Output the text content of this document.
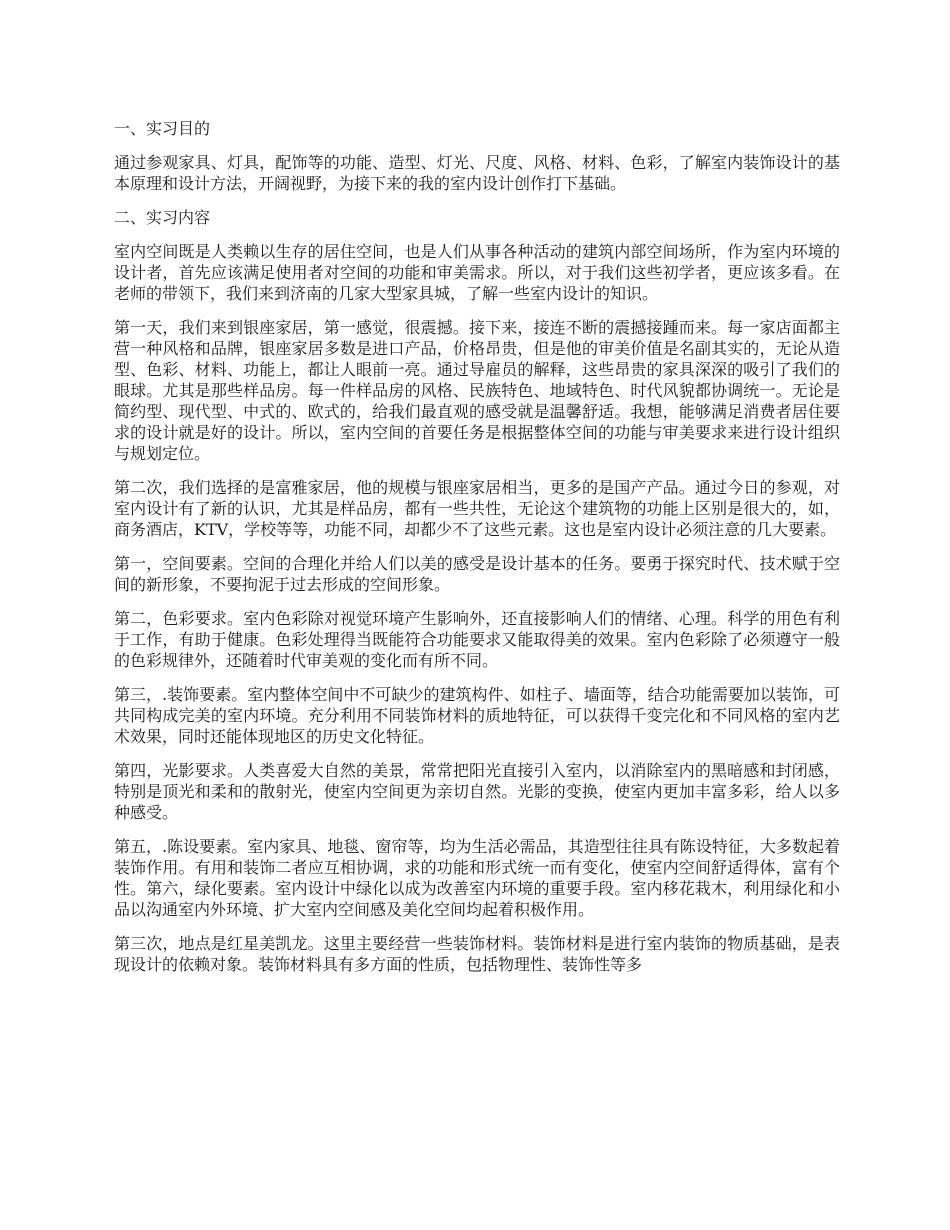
一、实习目的

通过参观家具、灯具，配饰等的功能、造型、灯光、尺度、风格、材料、色彩，了解室内装饰设计的基本原理和设计方法，开阔视野，为接下来的我的室内设计创作打下基础。

二、实习内容

室内空间既是人类赖以生存的居住空间，也是人们从事各种活动的建筑内部空间场所，作为室内环境的设计者，首先应该满足使用者对空间的功能和审美需求。所以，对于我们这些初学者，更应该多看。在老师的带领下，我们来到济南的几家大型家具城，了解一些室内设计的知识。

第一天，我们来到银座家居，第一感觉，很震撼。接下来，接连不断的震撼接踵而来。每一家店面都主营一种风格和品牌，银座家居多数是进口产品，价格昂贵，但是他的审美价值是名副其实的，无论从造型、色彩、材料、功能上，都让人眼前一亮。通过导雇员的解释，这些昂贵的家具深深的吸引了我们的眼球。尤其是那些样品房。每一件样品房的风格、民族特色、地域特色、时代风貌都协调统一。无论是简约型、现代型、中式的、欧式的，给我们最直观的感受就是温馨舒适。我想，能够满足消费者居住要求的设计就是好的设计。所以，室内空间的首要任务是根据整体空间的功能与审美要求来进行设计组织与规划定位。

第二次，我们选择的是富雅家居，他的规模与银座家居相当，更多的是国产产品。通过今日的参观，对室内设计有了新的认识，尤其是样品房，都有一些共性，无论这个建筑物的功能上区别是很大的，如，商务酒店，KTV，学校等等，功能不同，却都少不了这些元素。这也是室内设计必须注意的几大要素。

第一，空间要素。空间的合理化并给人们以美的感受是设计基本的任务。要勇于探究时代、技术赋于空间的新形象，不要拘泥于过去形成的空间形象。

第二，色彩要求。室内色彩除对视觉环境产生影响外，还直接影响人们的情绪、心理。科学的用色有利于工作，有助于健康。色彩处理得当既能符合功能要求又能取得美的效果。室内色彩除了必须遵守一般的色彩规律外，还随着时代审美观的变化而有所不同。

第三，.装饰要素。室内整体空间中不可缺少的建筑构件、如柱子、墙面等，结合功能需要加以装饰，可共同构成完美的室内环境。充分利用不同装饰材料的质地特征，可以获得千变完化和不同风格的室内艺术效果，同时还能体现地区的历史文化特征。

第四，光影要求。人类喜爱大自然的美景，常常把阳光直接引入室内，以消除室内的黑暗感和封闭感，特别是顶光和柔和的散射光，使室内空间更为亲切自然。光影的变换，使室内更加丰富多彩，给人以多种感受。

第五，.陈设要素。室内家具、地毯、窗帘等，均为生活必需品，其造型往往具有陈设特征，大多数起着装饰作用。有用和装饰二者应互相协调，求的功能和形式统一而有变化，使室内空间舒适得体，富有个性。第六，绿化要素。室内设计中绿化以成为改善室内环境的重要手段。室内移花栽木，利用绿化和小品以沟通室内外环境、扩大室内空间感及美化空间均起着积极作用。

第三次，地点是红星美凯龙。这里主要经营一些装饰材料。装饰材料是进行室内装饰的物质基础，是表现设计的依赖对象。装饰材料具有多方面的性质，包括物理性、装饰性等多
